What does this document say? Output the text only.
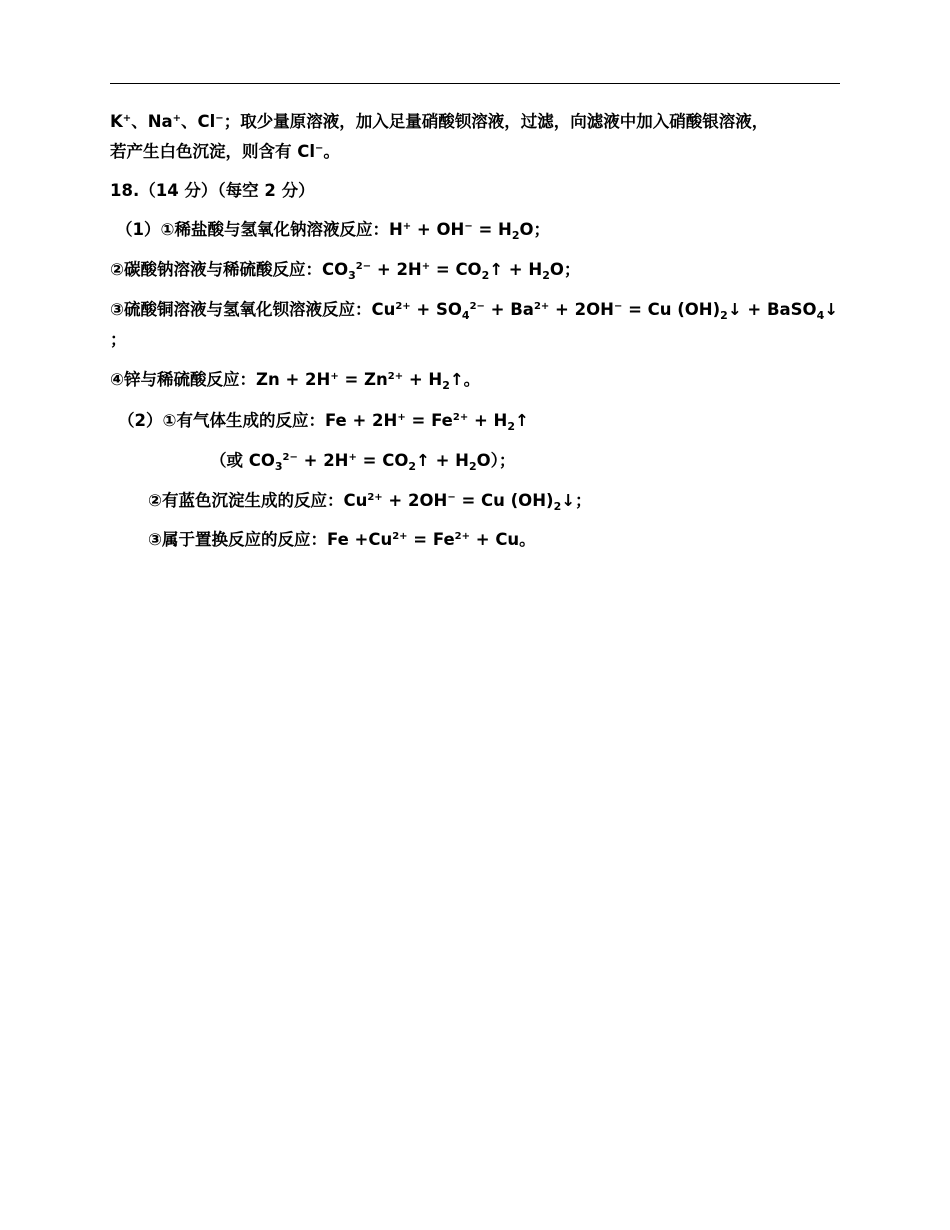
K+、Na+、Cl−；取少量原溶液，加入足量硝酸钡溶液，过滤，向滤液中加入硝酸银溶液，
若产生白色沉淀，则含有 Cl−。
18.（14 分）（每空 2 分）
（1）①稀盐酸与氢氧化钠溶液反应：$H^+ + OH^- = H_2O$；
②碳酸钠溶液与稀硫酸反应：$CO_3^{2-} + 2H^+$ = $CO_2↑ + H_2O$；
③硫酸铜溶液与氢氧化钡溶液反应：$Cu^{2+} + SO_4^{2-} + Ba^{2+} + 2OH^- = Cu$ $(OH)_2↓$ + BaSO$_4$↓
；
④锌与稀硫酸反应：$Zn + 2H^+ = Zn^{2+}$ + $H_2↑$。
（2）①有气体生成的反应：$Fe + 2H^+ = Fe^{2+}$ + $H_2↑$
（或 $CO_3^{2-} + 2H^+$ = $CO_2↑ + H_2O$）；
②有蓝色沉淀生成的反应：$Cu^{2+} + 2OH^- = Cu$ $(OH)_2↓$；
③属于置换反应的反应：$Fe +Cu^{2+} = Fe^{2+} + Cu$。
